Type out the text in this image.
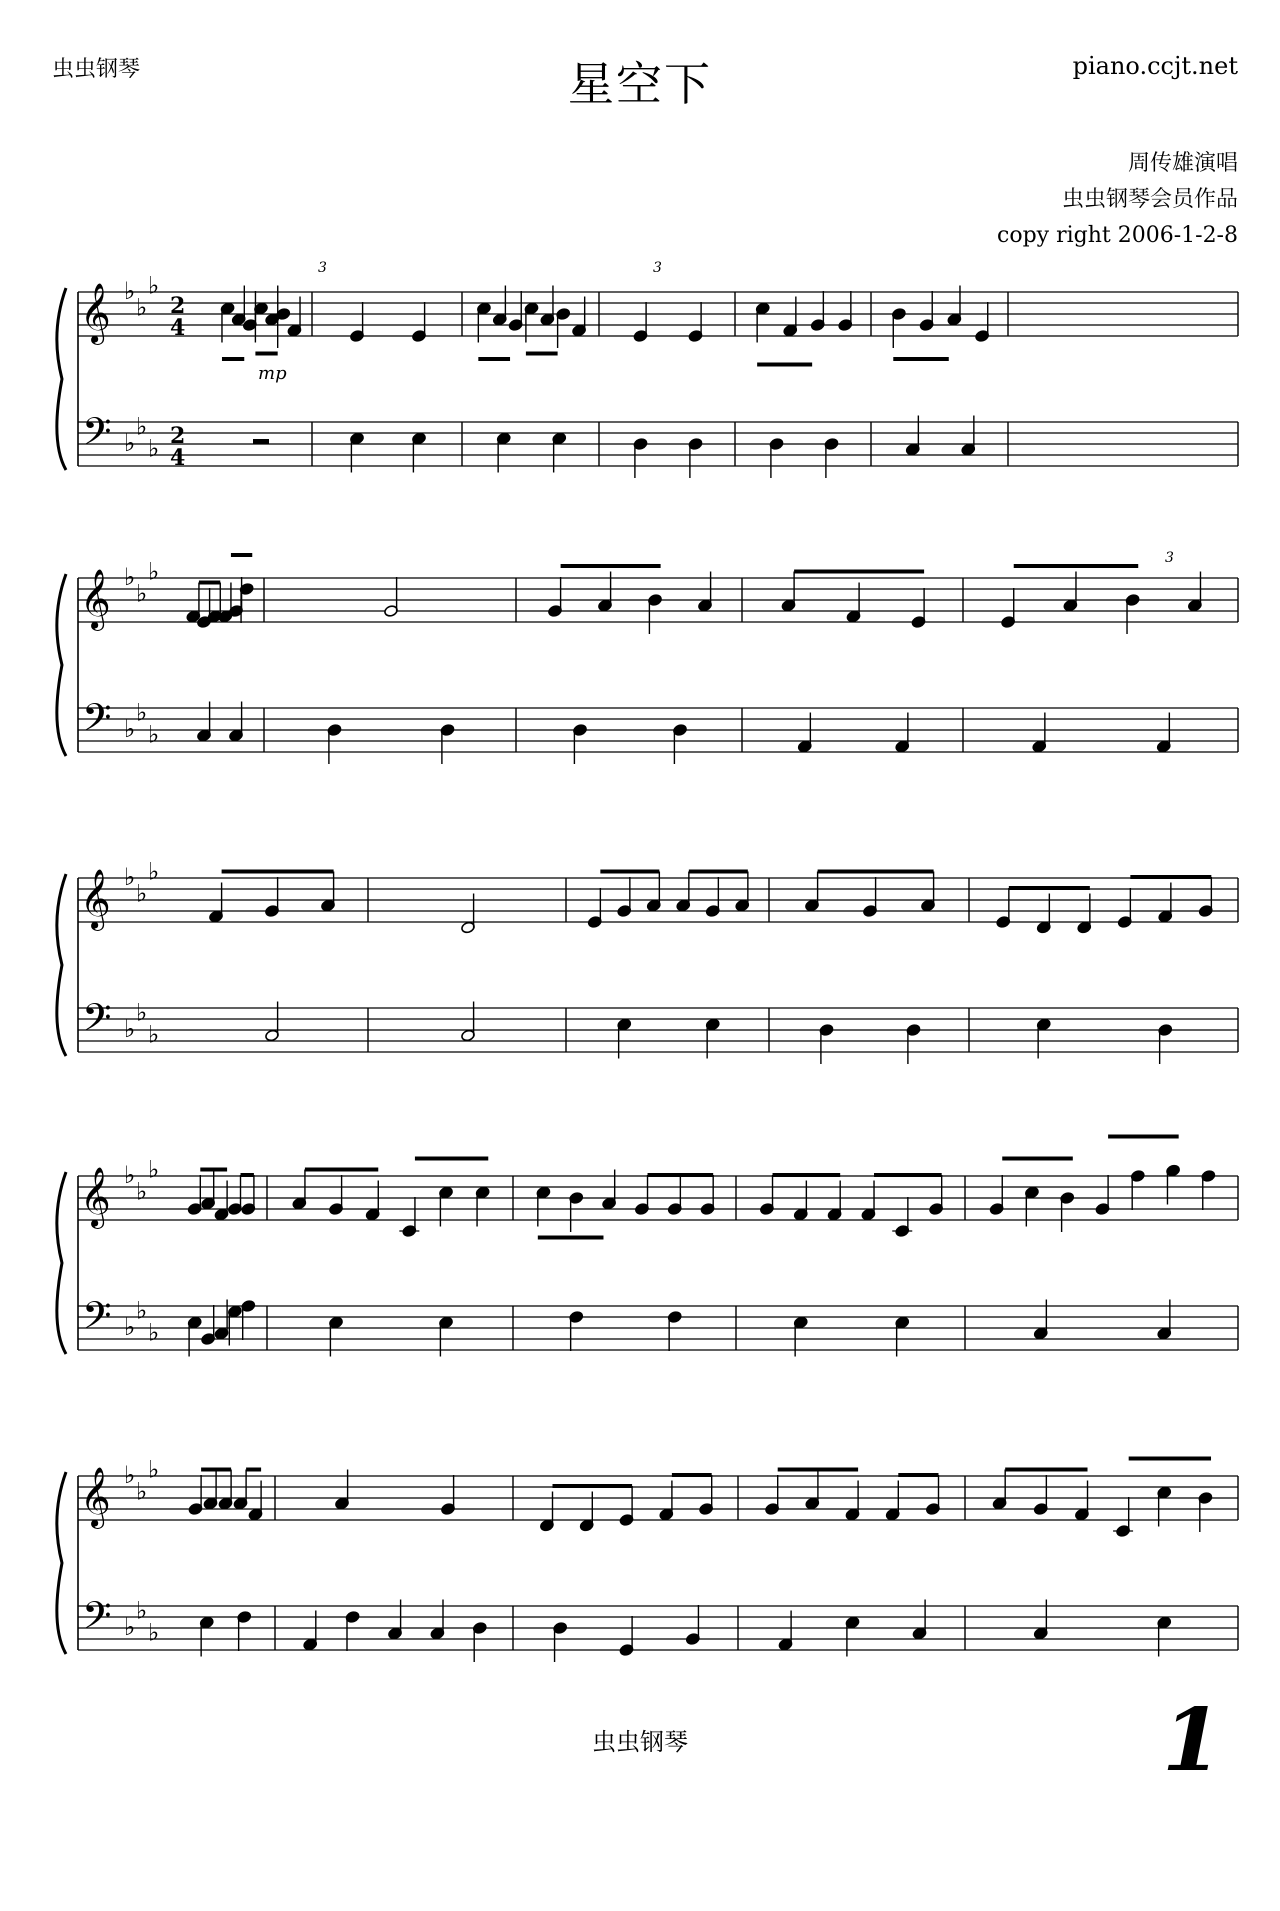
虫虫钢琴	星空下	piano.ccjt.net
周传雄演唱
虫虫钢琴会员作品
copy right 2006-1-2-8
𝄞
𝄢
♭
♭
♭
♭
♭
♭
2
4
2
4
mp
3	3
𝄞
𝄢
♭
♭
♭
♭
♭
♭
3
𝄞
𝄢
♭
♭
♭
♭
♭
♭
𝄞
𝄢
♭
♭
♭
♭
♭
♭
𝄞
𝄢
♭
♭
♭
♭
♭
♭
虫虫钢琴	1
